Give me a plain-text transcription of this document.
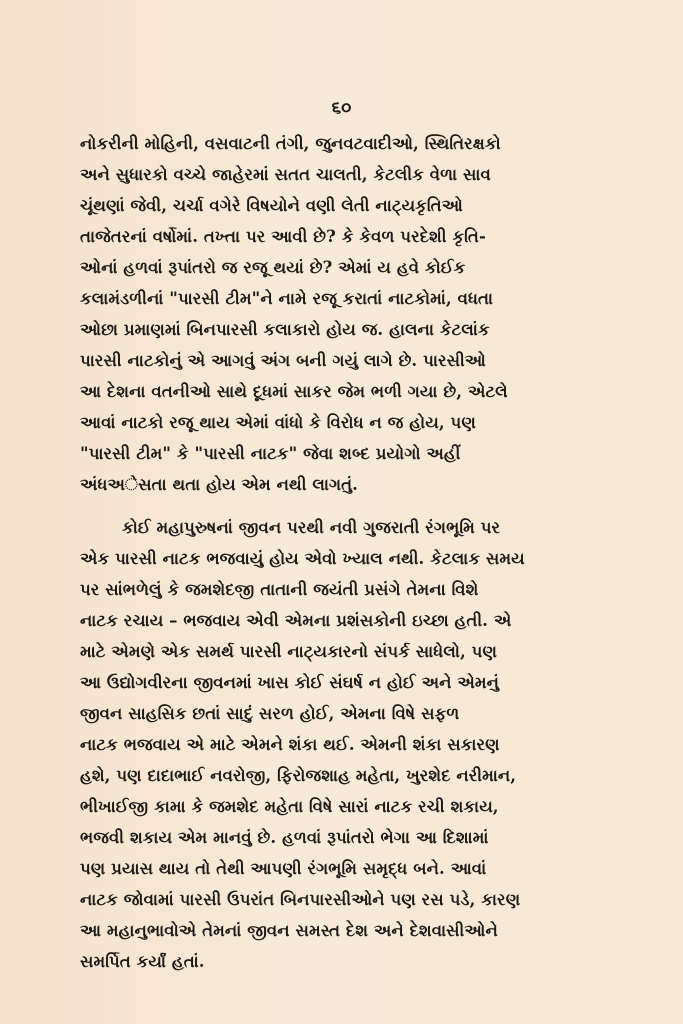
૬૦
નોકરીની મોહિની, વસવાટની તંગી, જુનવટવાદીઓ, સ્થિતિરક્ષકો
અને સુધારકો વચ્ચે જાહેરમાં સતત ચાલતી, કેટલીક વેળા સાવ
ચૂંથણાં જેવી, ચર્ચા વગેરે વિષયોને વણી લેતી નાટ્યકૃતિઓ
તાજેતરનાં વર્ષોમાં. તખ્તા પર આવી છે? કે કેવળ પરદેશી કૃતિ-
ઓનાં હળવાં રૂપાંતરો જ રજૂ થયાં છે? એમાં ય હવે કોઈક
કલામંડળીનાં "પારસી ટીમ"ને નામે રજૂ કરાતાં નાટકોમાં, વધતા
ઓછા પ્રમાણમાં બિનપારસી કલાકારો હોય જ. હાલના કેટલાંક
પારસી નાટકોનું એ આગવું અંગ બની ગયું લાગે છે. પારસીઓ
આ દેશના વતનીઓ સાથે દૂધમાં સાકર જેમ ભળી ગયા છે, એટલે
આવાં નાટકો રજૂ થાય એમાં વાંધો કે વિરોધ ન જ હોય, પણ
"પારસી ટીમ" કે "પારસી નાટક" જેવા શબ્દ પ્રયોગો અહીં
અંધઅેસતા થતા હોય એમ નથી લાગતું.
કોઈ મહાપુરુષનાં જીવન પરથી નવી ગુજરાતી રંગભૂમિ પર
એક પારસી નાટક ભજવાયું હોય એવો ખ્યાલ નથી. કેટલાક સમય
પર સાંભળેલું કે જમશેદજી તાતાની જયંતી પ્રસંગે તેમના વિશે
નાટક રચાય – ભજવાય એવી એમના પ્રશંસકોની ઇચ્છા હતી. એ
માટે એમણે એક સમર્થ પારસી નાટ્યકારનો સંપર્ક સાધેલો, પણ
આ ઉદ્યોગવીરના જીવનમાં ખાસ કોઈ સંઘર્ષ ન હોઈ અને એમનું
જીવન સાહસિક છતાં સાદું સરળ હોઈ, એમના વિષે સફળ
નાટક ભજવાય એ માટે એમને શંકા થઈ. એમની શંકા સકારણ
હશે, પણ દાદાભાઈ નવરોજી, ફિરોજશાહ મહેતા, ખુરશેદ નરીમાન,
ભીખાઈજી કામા કે જમશેદ મહેતા વિષે સારાં નાટક રચી શકાય,
ભજવી શકાય એમ માનવું છે. હળવાં રૂપાંતરો ભેગા આ દિશામાં
પણ પ્રયાસ થાય તો તેથી આપણી રંગભૂમિ સમૃદ્ધ બને. આવાં
નાટક જોવામાં પારસી ઉપરાંત બિનપારસીઓને પણ રસ પડે, કારણ
આ મહાનુભાવોએ તેમનાં જીવન સમસ્ત દેશ અને દેશવાસીઓને
સમર્પિત કર્યાં હતાં.
